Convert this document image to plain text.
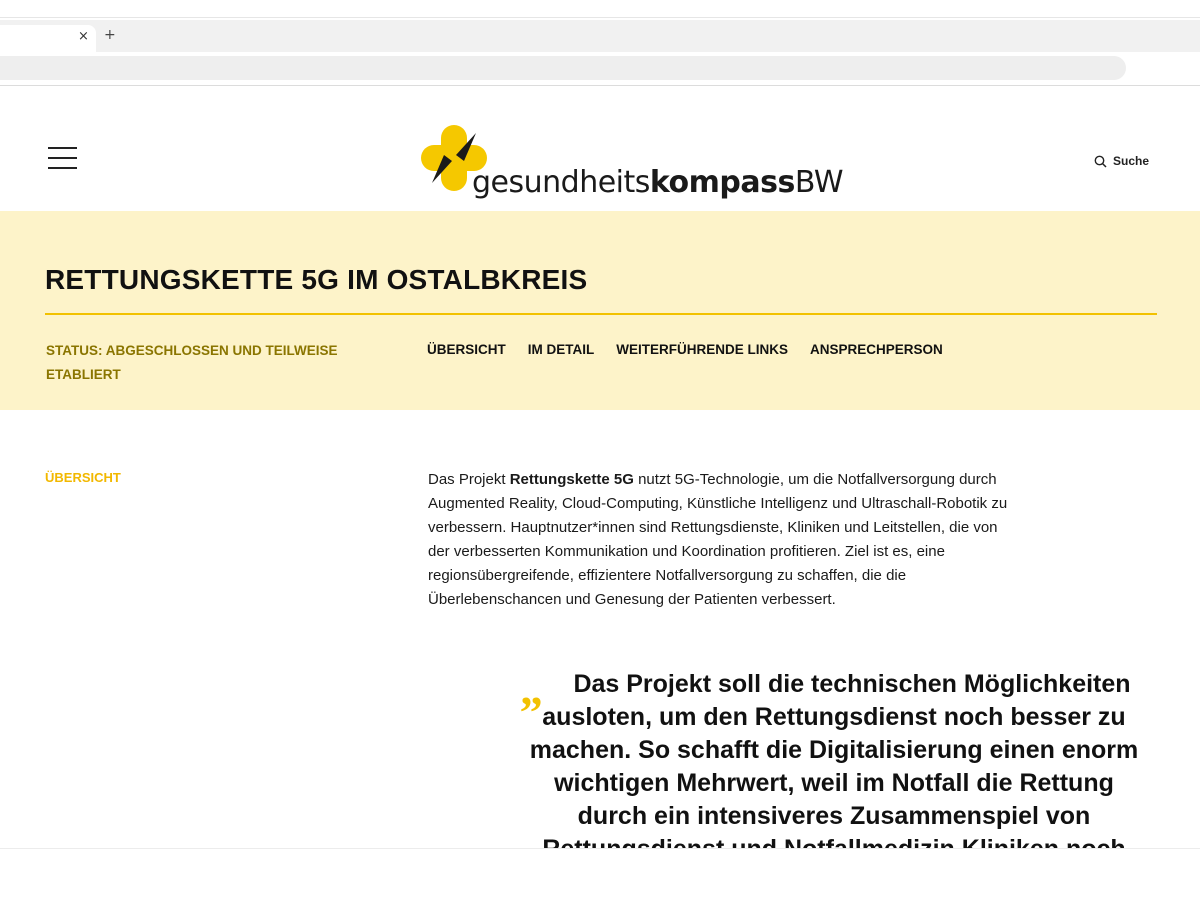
× +
gesundheitskompassBW
Suche
RETTUNGSKETTE 5G IM OSTALBKREIS
STATUS: ABGESCHLOSSEN UND TEILWEISE ETABLIERT
ÜBERSICHT IM DETAIL WEITERFÜHRENDE LINKS ANSPRECHPERSON
ÜBERSICHT	Das Projekt Rettungskette 5G nutzt 5G-Technologie, um die Notfallversorgung durch Augmented Reality, Cloud-Computing, Künstliche Intelligenz und Ultraschall-Robotik zu verbessern. Hauptnutzer*innen sind Rettungsdienste, Kliniken und Leitstellen, die von der verbesserten Kommunikation und Koordination profitieren. Ziel ist es, eine regionsübergreifende, effizientere Notfallversorgung zu schaffen, die die Überlebenschancen und Genesung der Patienten verbessert.

„	Das Projekt soll die technischen Möglichkeiten ausloten, um den Rettungsdienst noch besser zu machen. So schafft die Digitalisierung einen enorm wichtigen Mehrwert, weil im Notfall die Rettung durch ein intensiveres Zusammenspiel von
